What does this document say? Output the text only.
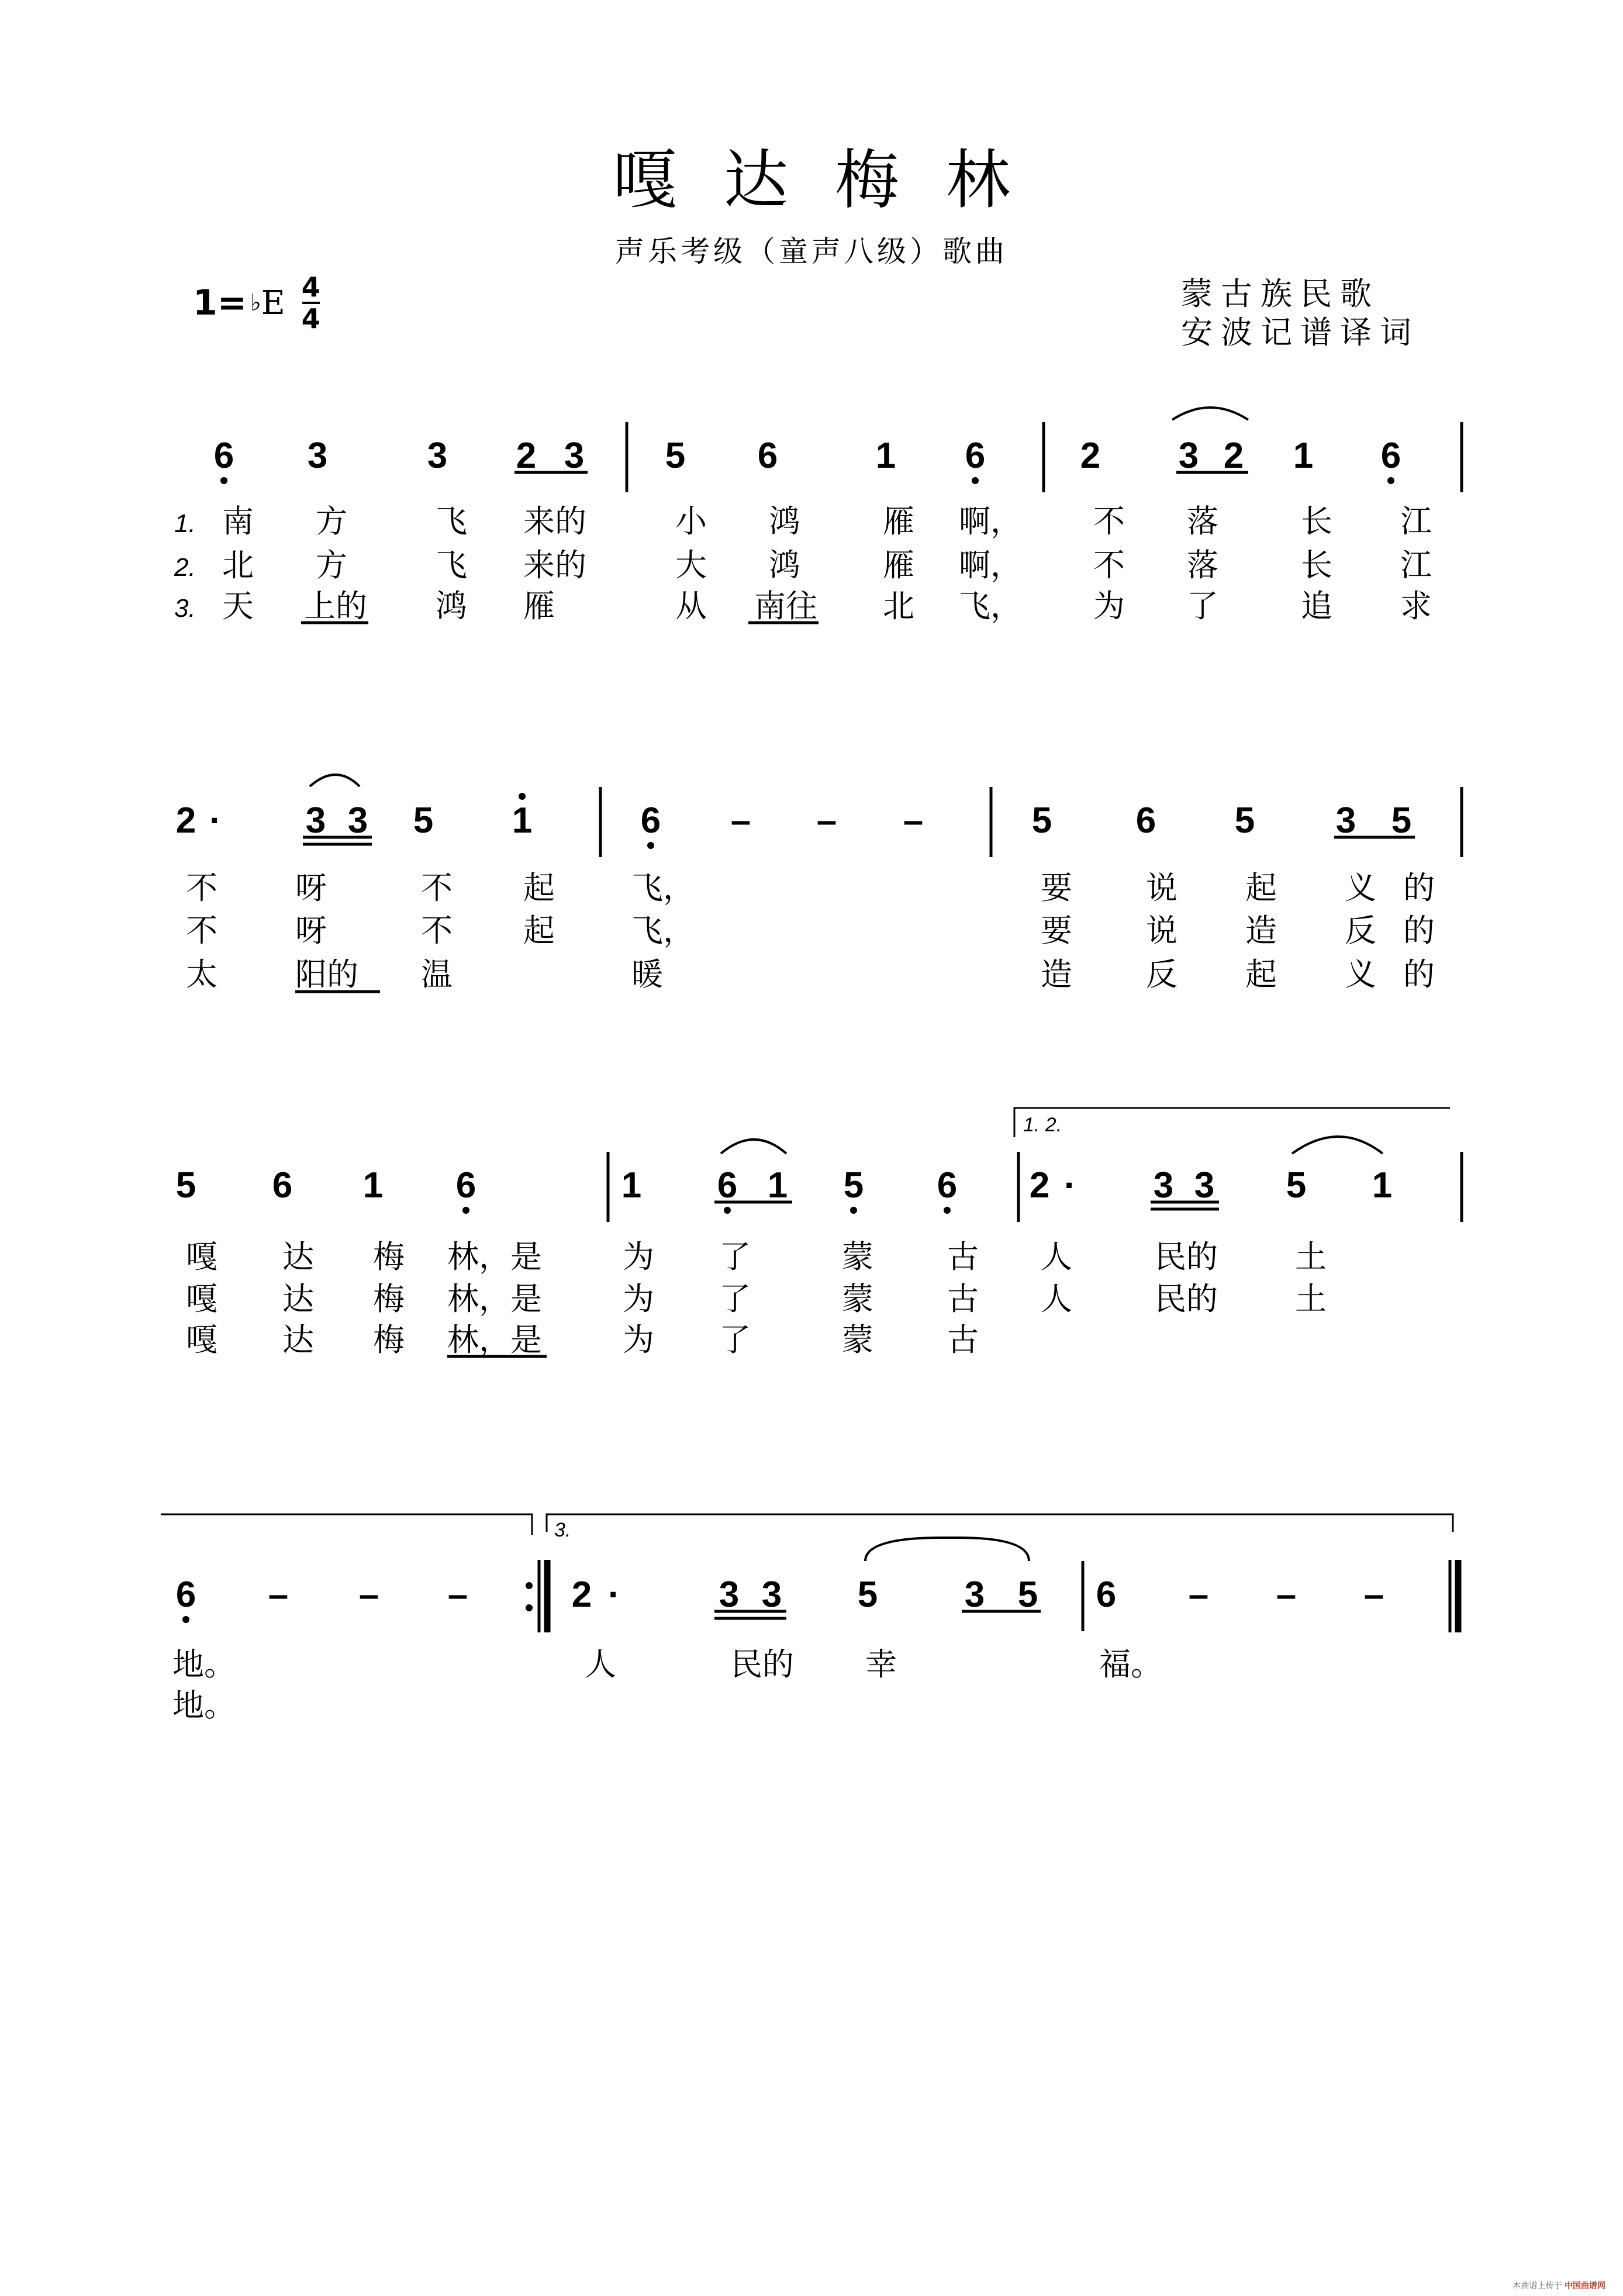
嘎达梅林
声乐考级（童声八级）歌曲
1= ♭ E 4
4
蒙古族民歌
安波记谱译词
1. 2.
3.
6 3	3 2 3 5 6	1 6	2 3 2 1 6
2 · 3 3 5 1	6 – – –	5 6 5 3 5
5 6 1 6	1 6 1 5 6 2 · 3 3 5 1
6 – – –	2 ·	3 3 5 3 5 6 – – –
1.
2.
3.
南 方	飞 来的	小 鸿	雁 啊， 不 落	长 江
北 方	飞 来的	大 鸿	雁 啊， 不 落	长 江
天 上的 鸿 雁	从 南往 北 飞， 为 了	追 求
不 呀	不 起 飞，	要 说 起 义 的
不 呀	不 起 飞，	要 说 造 反 的
太 阳的 温	暖	造 反 起 义 的
嘎 达 梅 林，是	为 了	蒙 古 人	民的 土
嘎 达 梅 林，是	为 了	蒙 古 人	民的 土
嘎 达 梅 林，是	为 了	蒙 古
地。	人	民的 幸	福。
地。
本曲谱上传于 中国曲谱网
